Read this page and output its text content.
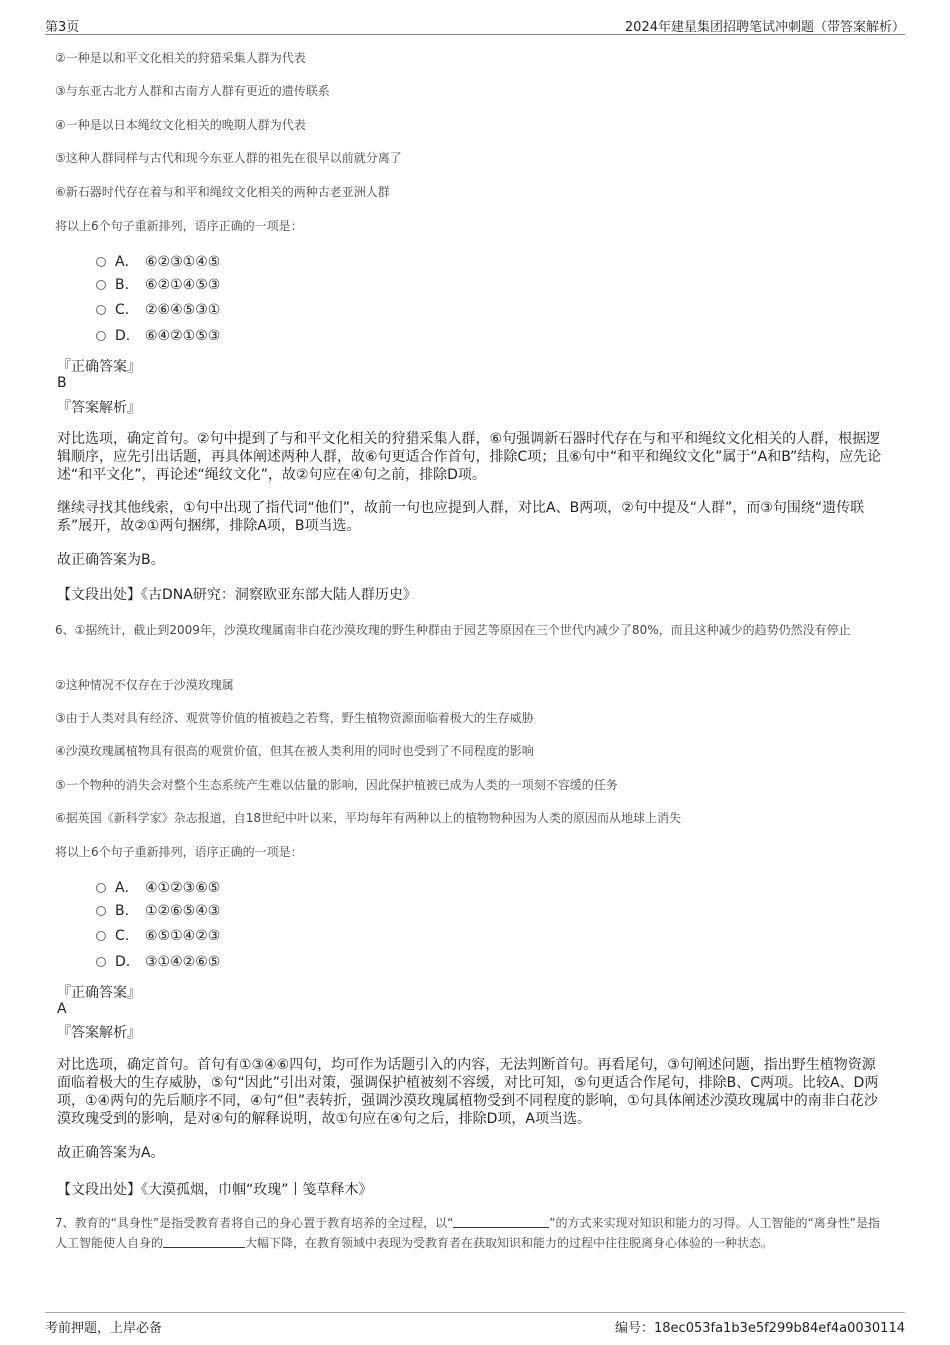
第3页	2024年建星集团招聘笔试冲刺题（带答案解析）
②一种是以和平文化相关的狩猎采集人群为代表
③与东亚古北方人群和古南方人群有更近的遗传联系
④一种是以日本绳纹文化相关的晚期人群为代表
⑤这种人群同样与古代和现今东亚人群的祖先在很早以前就分离了
⑥新石器时代存在着与和平和绳纹文化相关的两种古老亚洲人群
将以上6个句子重新排列，语序正确的一项是：
A． ⑥②③①④⑤
B. ⑥②①④⑤③
C. ②⑥④⑤③①
D. ⑥④②①⑤③
『正确答案』
B
『答案解析』
对比选项，确定首句。②句中提到了与和平文化相关的狩猎采集人群，⑥句强调新石器时代存在与和平和绳纹文化相关的人群，根据逻辑顺序，应先引出话题，再具体阐述两种人群，故⑥句更适合作首句，排除C项；且⑥句中“和平和绳纹文化”属于“A和B”结构，应先论述“和平文化”，再论述“绳纹文化”，故②句应在④句之前，排除D项。
继续寻找其他线索，①句中出现了指代词“他们”，故前一句也应提到人群，对比A、B两项，②句中提及“人群”，而③句围绕“遗传联系”展开，故②①两句捆绑，排除A项，B项当选。
故正确答案为B。
【文段出处】《古DNA研究：洞察欧亚东部大陆人群历史》
6、①据统计，截止到2009年，沙漠玫瑰属南非白花沙漠玫瑰的野生种群由于园艺等原因在三个世代内减少了80%，而且这种减少的趋势仍然没有停止
②这种情况不仅存在于沙漠玫瑰属
③由于人类对具有经济、观赏等价值的植被趋之若骛，野生植物资源面临着极大的生存威胁
④沙漠玫瑰属植物具有很高的观赏价值，但其在被人类利用的同时也受到了不同程度的影响
⑤一个物种的消失会对整个生态系统产生难以估量的影响，因此保护植被已成为人类的一项刻不容缓的任务
⑥据英国《新科学家》杂志报道，自18世纪中叶以来，平均每年有两种以上的植物物种因为人类的原因而从地球上消失
将以上6个句子重新排列，语序正确的一项是：
A． ④①②③⑥⑤
B. ①②⑥⑤④③
C. ⑥⑤①④②③
D. ③①④②⑥⑤
『正确答案』
A
『答案解析』
对比选项，确定首句。首句有①③④⑥四句，均可作为话题引入的内容，无法判断首句。再看尾句，③句阐述问题，指出野生植物资源面临着极大的生存威胁，⑤句“因此”引出对策，强调保护植被刻不容缓，对比可知，⑤句更适合作尾句，排除B、C两项。比较A、D两项，①④两句的先后顺序不同，④句“但”表转折，强调沙漠玫瑰属植物受到不同程度的影响，①句具体阐述沙漠玫瑰属中的南非白花沙漠玫瑰受到的影响，是对④句的解释说明，故①句应在④句之后，排除D项，A项当选。
故正确答案为A。
【文段出处】《大漠孤烟，巾帼“玫瑰”丨笺草释木》
7、教育的“具身性”是指受教育者将自己的身心置于教育培养的全过程，以“	”的方式来实现对知识和能力的习得。人工智能的“离身性”是指人工智能使人自身的	大幅下降，在教育领域中表现为受教育者在获取知识和能力的过程中往往脱离身心体验的一种状态。
考前押题，上岸必备	编号：18ec053fa1b3e5f299b84ef4a0030114
